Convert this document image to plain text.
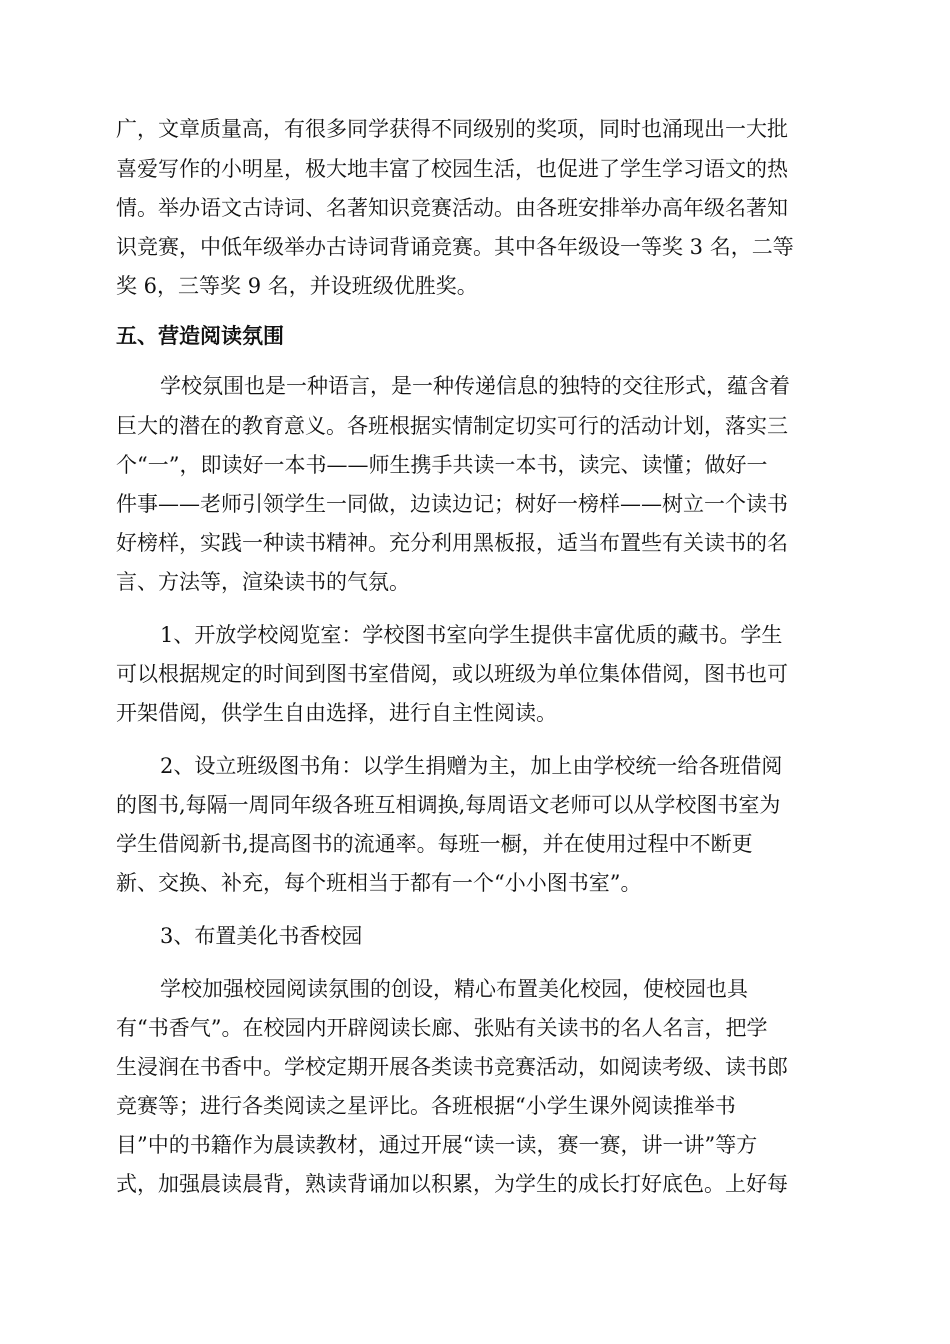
广，文章质量高，有很多同学获得不同级别的奖项，同时也涌现出一大批
喜爱写作的小明星，极大地丰富了校园生活，也促进了学生学习语文的热
情。举办语文古诗词、名著知识竞赛活动。由各班安排举办高年级名著知
识竞赛，中低年级举办古诗词背诵竞赛。其中各年级设一等奖 3 名，二等
奖 6，三等奖 9 名，并设班级优胜奖。
五、营造阅读氛围
学校氛围也是一种语言，是一种传递信息的独特的交往形式，蕴含着
巨大的潜在的教育意义。各班根据实情制定切实可行的活动计划，落实三
个“一”，即读好一本书——师生携手共读一本书，读完、读懂；做好一
件事——老师引领学生一同做，边读边记；树好一榜样——树立一个读书
好榜样，实践一种读书精神。充分利用黑板报，适当布置些有关读书的名
言、方法等，渲染读书的气氛。
1、开放学校阅览室：学校图书室向学生提供丰富优质的藏书。学生
可以根据规定的时间到图书室借阅，或以班级为单位集体借阅，图书也可
开架借阅，供学生自由选择，进行自主性阅读。
2、设立班级图书角：以学生捐赠为主，加上由学校统一给各班借阅
的图书,每隔一周同年级各班互相调换,每周语文老师可以从学校图书室为
学生借阅新书,提高图书的流通率。每班一橱，并在使用过程中不断更
新、交换、补充，每个班相当于都有一个“小小图书室”。
3、布置美化书香校园
学校加强校园阅读氛围的创设，精心布置美化校园，使校园也具
有“书香气”。在校园内开辟阅读长廊、张贴有关读书的名人名言，把学
生浸润在书香中。学校定期开展各类读书竞赛活动，如阅读考级、读书郎
竞赛等；进行各类阅读之星评比。各班根据“小学生课外阅读推举书
目”中的书籍作为晨读教材，通过开展“读一读，赛一赛，讲一讲”等方
式，加强晨读晨背，熟读背诵加以积累，为学生的成长打好底色。上好每
